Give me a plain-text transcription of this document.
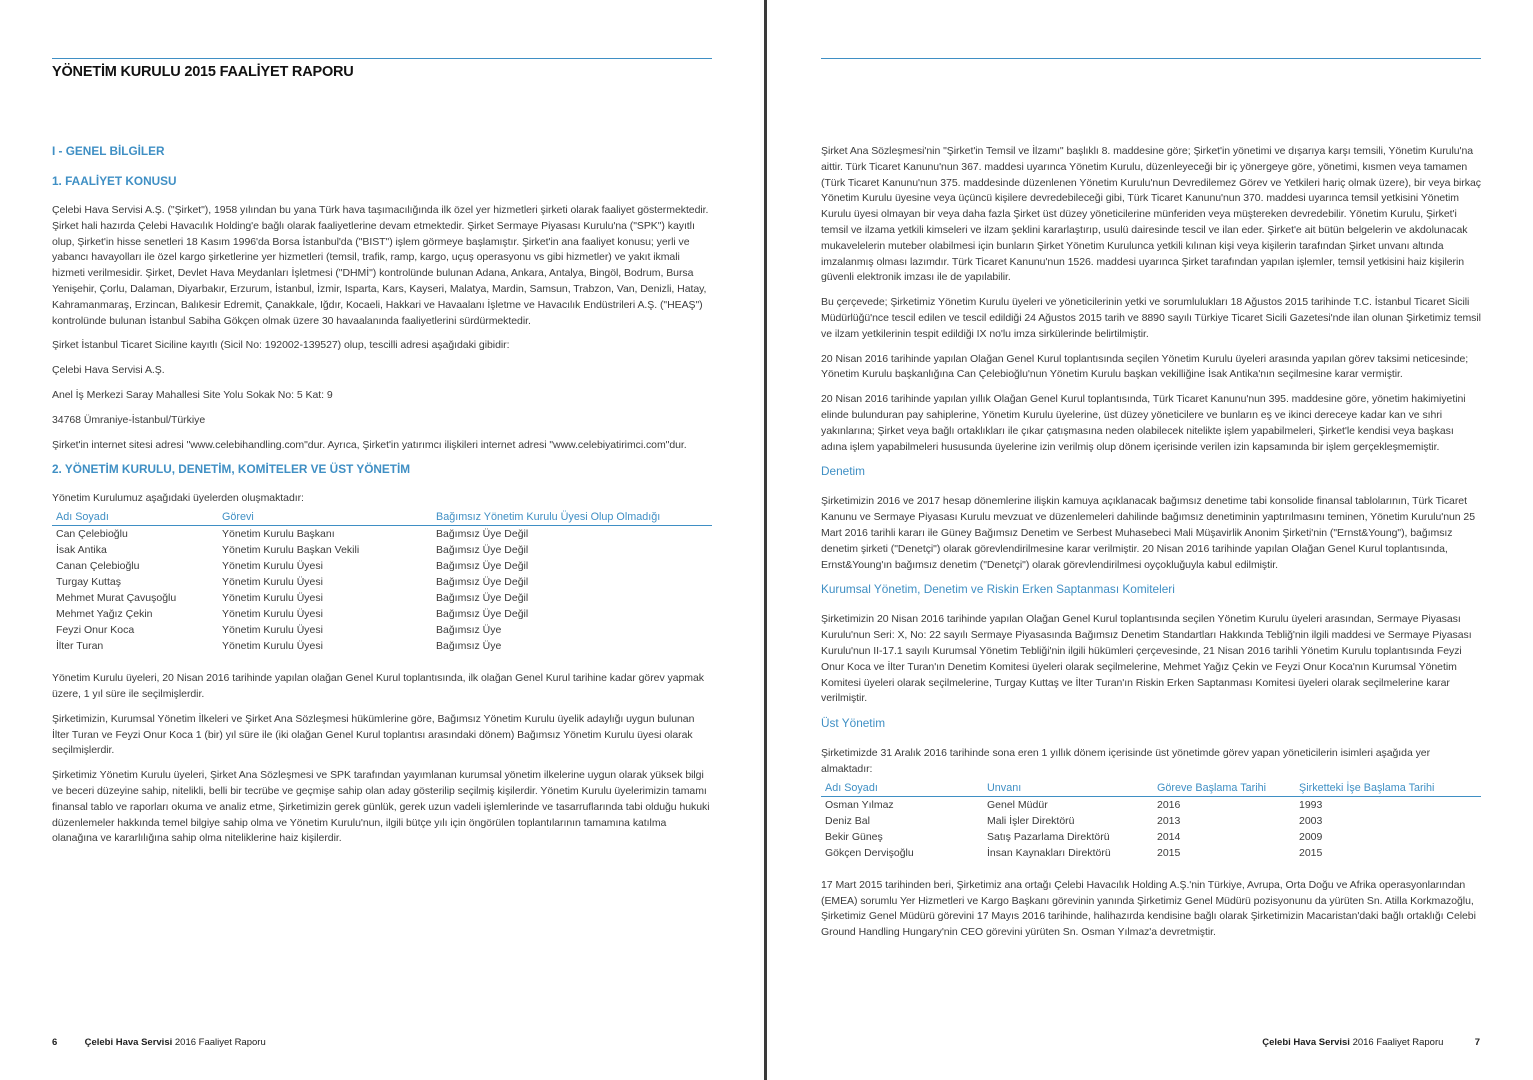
YÖNETİM KURULU 2015 FAALİYET RAPORU
I - GENEL BİLGİLER
1. FAALİYET KONUSU

Çelebi Hava Servisi A.Ş. ("Şirket"), 1958 yılından bu yana Türk hava taşımacılığında ilk özel yer hizmetleri şirketi olarak faaliyet göstermektedir. Şirket hali hazırda Çelebi Havacılık Holding'e bağlı olarak faaliyetlerine devam etmektedir. Şirket Sermaye Piyasası Kurulu'na ("SPK") kayıtlı olup, Şirket'in hisse senetleri 18 Kasım 1996'da Borsa İstanbul'da ("BIST") işlem görmeye başlamıştır. Şirket'in ana faaliyet konusu; yerli ve yabancı havayolları ile özel kargo şirketlerine yer hizmetleri (temsil, trafik, ramp, kargo, uçuş operasyonu vs gibi hizmetler) ve yakıt ikmali hizmeti verilmesidir. Şirket, Devlet Hava Meydanları İşletmesi ("DHMİ") kontrolünde bulunan Adana, Ankara, Antalya, Bingöl, Bodrum, Bursa Yenişehir, Çorlu, Dalaman, Diyarbakır, Erzurum, İstanbul, İzmir, Isparta, Kars, Kayseri, Malatya, Mardin, Samsun, Trabzon, Van, Denizli, Hatay, Kahramanmaraş, Erzincan, Balıkesir Edremit, Çanakkale, Iğdır, Kocaeli, Hakkari ve Havaalanı İşletme ve Havacılık Endüstrileri A.Ş. ("HEAŞ") kontrolünde bulunan İstanbul Sabiha Gökçen olmak üzere 30 havaalanında faaliyetlerini sürdürmektedir.

Şirket İstanbul Ticaret Siciline kayıtlı (Sicil No: 192002-139527) olup, tescilli adresi aşağıdaki gibidir:

Çelebi Hava Servisi A.Ş.

Anel İş Merkezi Saray Mahallesi Site Yolu Sokak No: 5 Kat: 9

34768 Ümraniye-İstanbul/Türkiye

Şirket'in internet sitesi adresi "www.celebihandling.com"dur. Ayrıca, Şirket'in yatırımcı ilişkileri internet adresi "www.celebiyatirimci.com"dur.

2. YÖNETİM KURULU, DENETİM, KOMİTELER VE ÜST YÖNETİM

Yönetim Kurulumuz aşağıdaki üyelerden oluşmaktadır:

Adı Soyadı	Görevi	Bağımsız Yönetim Kurulu Üyesi Olup Olmadığı
Can Çelebioğlu	Yönetim Kurulu Başkanı	Bağımsız Üye Değil
İsak Antika	Yönetim Kurulu Başkan Vekili	Bağımsız Üye Değil
Canan Çelebioğlu	Yönetim Kurulu Üyesi	Bağımsız Üye Değil
Turgay Kuttaş	Yönetim Kurulu Üyesi	Bağımsız Üye Değil
Mehmet Murat Çavuşoğlu	Yönetim Kurulu Üyesi	Bağımsız Üye Değil
Mehmet Yağız Çekin	Yönetim Kurulu Üyesi	Bağımsız Üye Değil
Feyzi Onur Koca	Yönetim Kurulu Üyesi	Bağımsız Üye
İlter Turan	Yönetim Kurulu Üyesi	Bağımsız Üye

Yönetim Kurulu üyeleri, 20 Nisan 2016 tarihinde yapılan olağan Genel Kurul toplantısında, ilk olağan Genel Kurul tarihine kadar görev yapmak üzere, 1 yıl süre ile seçilmişlerdir.

Şirketimizin, Kurumsal Yönetim İlkeleri ve Şirket Ana Sözleşmesi hükümlerine göre, Bağımsız Yönetim Kurulu üyelik adaylığı uygun bulunan İlter Turan ve Feyzi Onur Koca 1 (bir) yıl süre ile (iki olağan Genel Kurul toplantısı arasındaki dönem) Bağımsız Yönetim Kurulu üyesi olarak seçilmişlerdir.

Şirketimiz Yönetim Kurulu üyeleri, Şirket Ana Sözleşmesi ve SPK tarafından yayımlanan kurumsal yönetim ilkelerine uygun olarak yüksek bilgi ve beceri düzeyine sahip, nitelikli, belli bir tecrübe ve geçmişe sahip olan aday gösterilip seçilmiş kişilerdir. Yönetim Kurulu üyelerimizin tamamı finansal tablo ve raporları okuma ve analiz etme, Şirketimizin gerek günlük, gerek uzun vadeli işlemlerinde ve tasarruflarında tabi olduğu hukuki düzenlemeler hakkında temel bilgiye sahip olma ve Yönetim Kurulu'nun, ilgili bütçe yılı için öngörülen toplantılarının tamamına katılma olanağına ve kararlılığına sahip olma niteliklerine haiz kişilerdir.

6	Çelebi Hava Servisi 2016 Faaliyet Raporu

Şirket Ana Sözleşmesi'nin "Şirket'in Temsil ve İlzamı" başlıklı 8. maddesine göre; Şirket'in yönetimi ve dışarıya karşı temsili, Yönetim Kurulu'na aittir. Türk Ticaret Kanunu'nun 367. maddesi uyarınca Yönetim Kurulu, düzenleyeceği bir iç yönergeye göre, yönetimi, kısmen veya tamamen (Türk Ticaret Kanunu'nun 375. maddesinde düzenlenen Yönetim Kurulu'nun Devredilemez Görev ve Yetkileri hariç olmak üzere), bir veya birkaç Yönetim Kurulu üyesine veya üçüncü kişilere devredebileceği gibi, Türk Ticaret Kanunu'nun 370. maddesi uyarınca temsil yetkisini Yönetim Kurulu üyesi olmayan bir veya daha fazla Şirket üst düzey yöneticilerine münferiden veya müştereken devredebilir. Yönetim Kurulu, Şirket'i temsil ve ilzama yetkili kimseleri ve ilzam şeklini kararlaştırıp, usulü dairesinde tescil ve ilan eder. Şirket'e ait bütün belgelerin ve akdolunacak mukavelelerin muteber olabilmesi için bunların Şirket Yönetim Kurulunca yetkili kılınan kişi veya kişilerin tarafından Şirket unvanı altında imzalanmış olması lazımdır. Türk Ticaret Kanunu'nun 1526. maddesi uyarınca Şirket tarafından yapılan işlemler, temsil yetkisini haiz kişilerin güvenli elektronik imzası ile de yapılabilir.

Bu çerçevede; Şirketimiz Yönetim Kurulu üyeleri ve yöneticilerinin yetki ve sorumlulukları 18 Ağustos 2015 tarihinde T.C. İstanbul Ticaret Sicili Müdürlüğü'nce tescil edilen ve tescil edildiği 24 Ağustos 2015 tarih ve 8890 sayılı Türkiye Ticaret Sicili Gazetesi'nde ilan olunan Şirketimiz temsil ve ilzam yetkilerinin tespit edildiği IX no'lu imza sirkülerinde belirtilmiştir.

20 Nisan 2016 tarihinde yapılan Olağan Genel Kurul toplantısında seçilen Yönetim Kurulu üyeleri arasında yapılan görev taksimi neticesinde; Yönetim Kurulu başkanlığına Can Çelebioğlu'nun Yönetim Kurulu başkan vekilliğine İsak Antika'nın seçilmesine karar vermiştir.

20 Nisan 2016 tarihinde yapılan yıllık Olağan Genel Kurul toplantısında, Türk Ticaret Kanunu'nun 395. maddesine göre, yönetim hakimiyetini elinde bulunduran pay sahiplerine, Yönetim Kurulu üyelerine, üst düzey yöneticilere ve bunların eş ve ikinci dereceye kadar kan ve sıhri yakınlarına; Şirket veya bağlı ortaklıkları ile çıkar çatışmasına neden olabilecek nitelikte işlem yapabilmeleri, Şirket'le kendisi veya başkası adına işlem yapabilmeleri hususunda üyelerine izin verilmiş olup dönem içerisinde verilen izin kapsamında bir işlem gerçekleşmemiştir.

Denetim

Şirketimizin 2016 ve 2017 hesap dönemlerine ilişkin kamuya açıklanacak bağımsız denetime tabi konsolide finansal tablolarının, Türk Ticaret Kanunu ve Sermaye Piyasası Kurulu mevzuat ve düzenlemeleri dahilinde bağımsız denetiminin yaptırılmasını teminen, Yönetim Kurulu'nun 25 Mart 2016 tarihli kararı ile Güney Bağımsız Denetim ve Serbest Muhasebeci Mali Müşavirlik Anonim Şirketi'nin ("Ernst&Young"), bağımsız denetim şirketi ("Denetçi") olarak görevlendirilmesine karar verilmiştir. 20 Nisan 2016 tarihinde yapılan Olağan Genel Kurul toplantısında, Ernst&Young'ın bağımsız denetim ("Denetçi") olarak görevlendirilmesi oyçokluğuyla kabul edilmiştir.

Kurumsal Yönetim, Denetim ve Riskin Erken Saptanması Komiteleri

Şirketimizin 20 Nisan 2016 tarihinde yapılan Olağan Genel Kurul toplantısında seçilen Yönetim Kurulu üyeleri arasından, Sermaye Piyasası Kurulu'nun Seri: X, No: 22 sayılı Sermaye Piyasasında Bağımsız Denetim Standartları Hakkında Tebliğ'nin ilgili maddesi ve Sermaye Piyasası Kurulu'nun II-17.1 sayılı Kurumsal Yönetim Tebliği'nin ilgili hükümleri çerçevesinde, 21 Nisan 2016 tarihli Yönetim Kurulu toplantısında Feyzi Onur Koca ve İlter Turan'ın Denetim Komitesi üyeleri olarak seçilmelerine, Mehmet Yağız Çekin ve Feyzi Onur Koca'nın Kurumsal Yönetim Komitesi üyeleri olarak seçilmelerine, Turgay Kuttaş ve İlter Turan'ın Riskin Erken Saptanması Komitesi üyeleri olarak seçilmelerine karar verilmiştir.

Üst Yönetim

Şirketimizde 31 Aralık 2016 tarihinde sona eren 1 yıllık dönem içerisinde üst yönetimde görev yapan yöneticilerin isimleri aşağıda yer almaktadır:

Adı Soyadı	Unvanı	Göreve Başlama Tarihi	Şirketteki İşe Başlama Tarihi
Osman Yılmaz	Genel Müdür	2016	1993
Deniz Bal	Mali İşler Direktörü	2013	2003
Bekir Güneş	Satış Pazarlama Direktörü	2014	2009
Gökçen Dervişoğlu	İnsan Kaynakları Direktörü	2015	2015

17 Mart 2015 tarihinden beri, Şirketimiz ana ortağı Çelebi Havacılık Holding A.Ş.'nin Türkiye, Avrupa, Orta Doğu ve Afrika operasyonlarından (EMEA) sorumlu Yer Hizmetleri ve Kargo Başkanı görevinin yanında Şirketimiz Genel Müdürü pozisyonunu da yürüten Sn. Atilla Korkmazoğlu, Şirketimiz Genel Müdürü görevini 17 Mayıs 2016 tarihinde, halihazırda kendisine bağlı olarak Şirketimizin Macaristan'daki bağlı ortaklığı Celebi Ground Handling Hungary'nin CEO görevini yürüten Sn. Osman Yılmaz'a devretmiştir.

Çelebi Hava Servisi 2016 Faaliyet Raporu	7
